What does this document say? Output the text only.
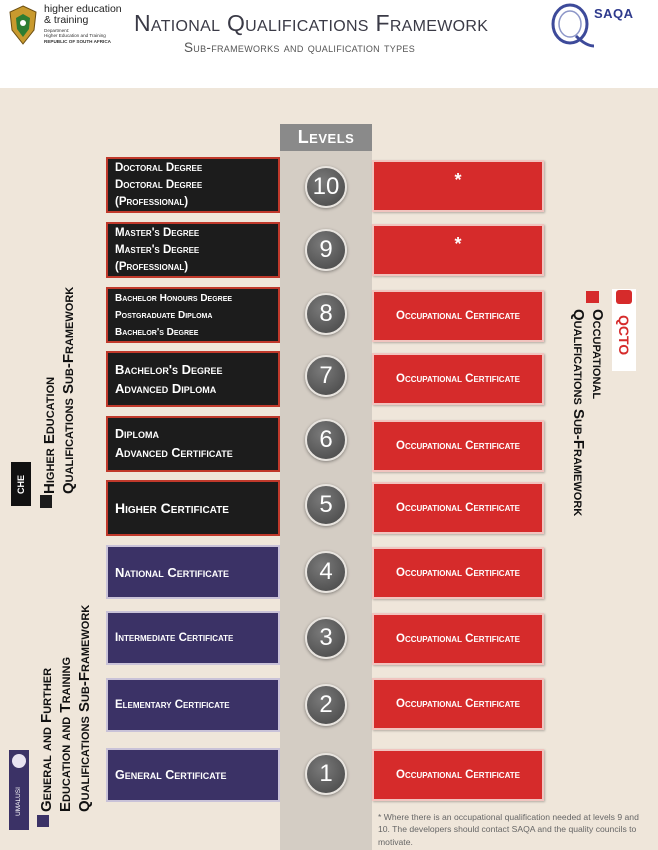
higher education
& training
Department:
Higher Education and Training
REPUBLIC OF SOUTH AFRICA
National Qualifications Framework
Sub-frameworks and qualification types
SAQA
Levels
Doctoral Degree
Doctoral Degree
(Professional)
10	*
Master's Degree
Master's Degree
(Professional)
9	*
Bachelor Honours Degree
Postgraduate Diploma
Bachelor's Degree
8	Occupational Certificate
Bachelor's Degree
Advanced Diploma	7	Occupational Certificate
Diploma
Advanced Certificate	6	Occupational Certificate
Higher Certificate	5	Occupational Certificate
National Certificate	4	Occupational Certificate
Intermediate Certificate	3	Occupational Certificate
Elementary Certificate	2	Occupational Certificate
General Certificate	1	Occupational Certificate
Higher Education Qualifications Sub-Framework
CHE
General and Further Education and Training Qualifications Sub-Framework
UMALUSI
Occupational
Qualifications Sub-Framework QCTO
* Where there is an occupational qualification needed at levels 9 and 10. The developers should contact SAQA and the quality councils to motivate.
